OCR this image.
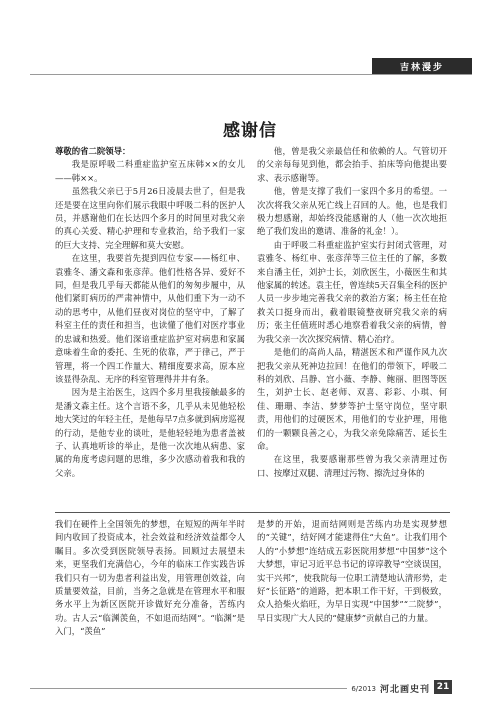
吉林漫步
感谢信

尊敬的省二院领导：

我是原呼吸二科重症监护室五床韩××的女儿——韩××。

虽然我父亲已于5月26日凌晨去世了，但是我还是要在这里向你们展示我眼中呼吸二科的医护人员，并感谢他们在长达四个多月的时间里对我父亲的真心关爱、精心护理和专业救治，给予我们一家的巨大支持、完全理解和莫大安慰。

在这里，我要首先提到四位专家——杨红申、袁雅冬、潘文森和张彦萍。他们性格各异、爱好不同，但是我几乎每天都能从他们的匆匆步履中，从他们紧盯病历的严肃神情中，从他们重下为一动不动的思考中，从他们昼夜对岗位的坚守中，了解了科室主任的责任和担当，也读懂了他们对医疗事业的忠诚和热爱。他们深谙重症监护室对病患和家属意味着生命的委托、生死的依靠，严于律己，严于管理，将一个四工作量大、精细度要求高，原本应该显得杂乱、无序的科室管理得井井有条。

因为是主治医生，这四个多月里我接触最多的是潘文森主任。这个言语不多，几乎从未见他轻松地大笑过的年轻主任，是他每早7点多就到病房巡视的行动，是他专业的谈吐，是他轻轻地为患者盖被子、认真地听诊的举止，是他一次次地从病患、家属的角度考虑问题的思维，多少次感动着我和我的父亲。

他，曾是我父亲最信任和依赖的人。气管切开的父亲每每见到他，都会抬手、拍床等向他提出要求、表示感谢等。

他，曾是支撑了我们一家四个多月的希望。一次次将我父亲从死亡线上召回的人。他，也是我们极力想感谢，却始终没能感谢的人（他一次次地拒绝了我们发出的邀请、准备的礼金！）。

由于呼吸二科重症监护室实行封闭式管理，对袁雅冬、杨红申、张彦萍等三位主任的了解，多数来自潘主任，刘护士长，刘欣医生，小薇医生和其他家属的转述。袁主任，曾连续5天召集全科的医护人员一步步地完善我父亲的救治方案；杨主任在抢救关口挺身而出，截着眼镜整夜研究我父亲的病历；张主任值班时悉心地察看着我父亲的病情，曾为我父亲一次次探究病情、精心治疗。

是他们的高尚人品，精湛医术和严谨作风九次把我父亲从死神边拉回！在他们的带领下，呼吸二科的刘欣、吕静、宫小薇、李静、鲍丽、胆图等医生，刘护士长、赵老师、双喜、彩彩、小琪、何佳、珊珊、李洁、梦梦等护士坚守岗位，坚守职责，用他们的过硬医术，用他们的专业护理，用他们的一颗颗良善之心，为我父亲免除痛苦、延长生命。

在这里，我要感谢那些曾为我父亲清理过伤口、按摩过双腿、清理过污物、擦洗过身体的

我们在硬件上全国领先的梦想，在短短的两年半时间内收回了投资成本，社会效益和经济效益都令人瞩目。多次受到医院领导表扬。回顾过去展望未来，更坚我们充满信心，今年的临床工作实践告诉我们只有一切为患者利益出发，用管理创效益，向质量要效益，目前，当务之急就是在管理水平和服务水平上为新区医院开诊做好充分准备，苦练内功。古人云“临渊羡鱼，不如退而结网”。“临渊”是入门，“羡鱼”

是梦的开始，退而结网则是苦练内功是实现梦想的“关键”，结好网才能逮得住“大鱼”。让我们用个人的“小梦想”连结成五彩医院用梦想“中国梦”这个大梦想，审记习近平总书记的谆谆教导“空谈误国，实干兴邦”，使我院每一位职工清楚地认清形势，走好“长征路”的道路，把本职工作干好，干到极致，众人拾柴火焰旺，为早日实现“中国梦”“二院梦”，早日实现广大人民的“健康梦”贡献自己的力量。

6/2013 河北画史刊 21
